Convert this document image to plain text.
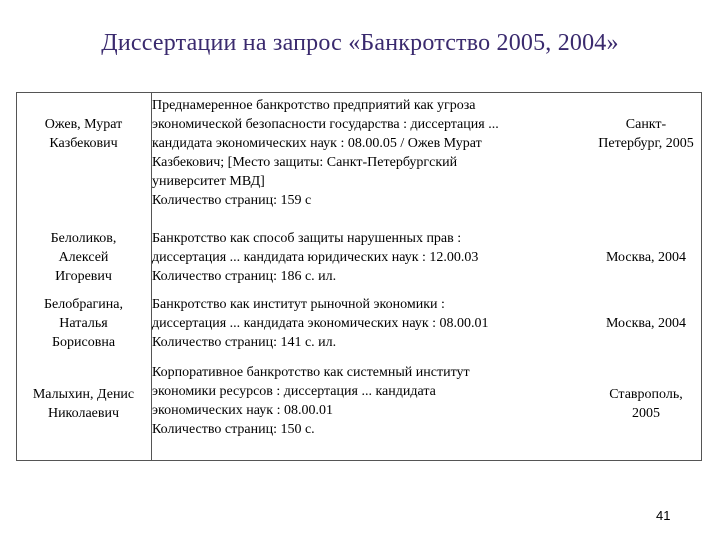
Диссертации на запрос «Банкротство 2005, 2004»
Ожев, Мурат
Казбекович
Преднамеренное банкротство предприятий как угроза
экономической безопасности государства : диссертация ...
кандидата экономических наук : 08.00.05 / Ожев Мурат
Казбекович; [Место защиты: Санкт-Петербургский
университет МВД]
Количество страниц: 159 с
Санкт-
Петербург, 2005
Белоликов,
Алексей
Игоревич
Банкротство как способ защиты нарушенных прав :
диссертация ... кандидата юридических наук : 12.00.03
Количество страниц: 186 с. ил.
Москва, 2004
Белобрагина,
Наталья
Борисовна
Банкротство как институт рыночной экономики :
диссертация ... кандидата экономических наук : 08.00.01
Количество страниц: 141 с. ил.
Москва, 2004
Малыхин, Денис
Николаевич
Корпоративное банкротство как системный институт
экономики ресурсов : диссертация ... кандидата
экономических наук : 08.00.01
Количество страниц: 150 с.
Ставрополь,
2005
41
